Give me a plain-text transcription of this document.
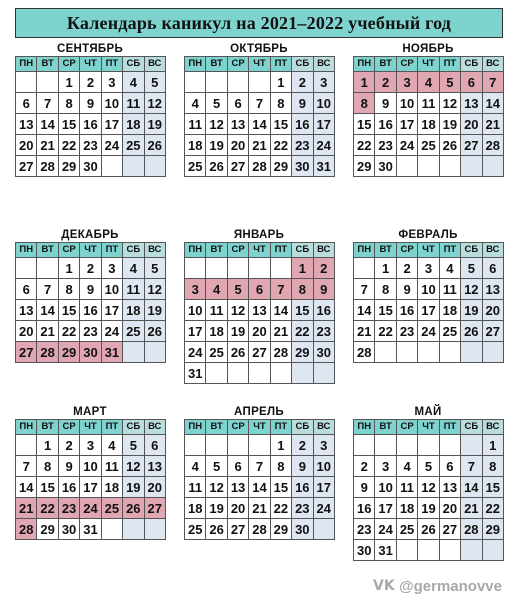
Календарь каникул на 2021–2022 учебный год
СЕНТЯБРЬ
ПН	ВТ	СР	ЧТ	ПТ	СБ	ВС
		1	2	3	4	5
6	7	8	9	10	11	12
13	14	15	16	17	18	19
20	21	22	23	24	25	26
27	28	29	30			
ОКТЯБРЬ
ПН	ВТ	СР	ЧТ	ПТ	СБ	ВС
				1	2	3
4	5	6	7	8	9	10
11	12	13	14	15	16	17
18	19	20	21	22	23	24
25	26	27	28	29	30	31
НОЯБРЬ
ПН	ВТ	СР	ЧТ	ПТ	СБ	ВС
1	2	3	4	5	6	7
8	9	10	11	12	13	14
15	16	17	18	19	20	21
22	23	24	25	26	27	28
29	30					
ДЕКАБРЬ
ПН	ВТ	СР	ЧТ	ПТ	СБ	ВС
		1	2	3	4	5
6	7	8	9	10	11	12
13	14	15	16	17	18	19
20	21	22	23	24	25	26
27	28	29	30	31		
ЯНВАРЬ
ПН	ВТ	СР	ЧТ	ПТ	СБ	ВС
					1	2
3	4	5	6	7	8	9
10	11	12	13	14	15	16
17	18	19	20	21	22	23
24	25	26	27	28	29	30
31						
ФЕВРАЛЬ
ПН	ВТ	СР	ЧТ	ПТ	СБ	ВС
	1	2	3	4	5	6
7	8	9	10	11	12	13
14	15	16	17	18	19	20
21	22	23	24	25	26	27
28						
МАРТ
ПН	ВТ	СР	ЧТ	ПТ	СБ	ВС
	1	2	3	4	5	6
7	8	9	10	11	12	13
14	15	16	17	18	19	20
21	22	23	24	25	26	27
28	29	30	31			
АПРЕЛЬ
ПН	ВТ	СР	ЧТ	ПТ	СБ	ВС
				1	2	3
4	5	6	7	8	9	10
11	12	13	14	15	16	17
18	19	20	21	22	23	24
25	26	27	28	29	30	
МАЙ
ПН	ВТ	СР	ЧТ	ПТ	СБ	ВС
						1
2	3	4	5	6	7	8
9	10	11	12	13	14	15
16	17	18	19	20	21	22
23	24	25	26	27	28	29
30	31					
VK @germanovve
